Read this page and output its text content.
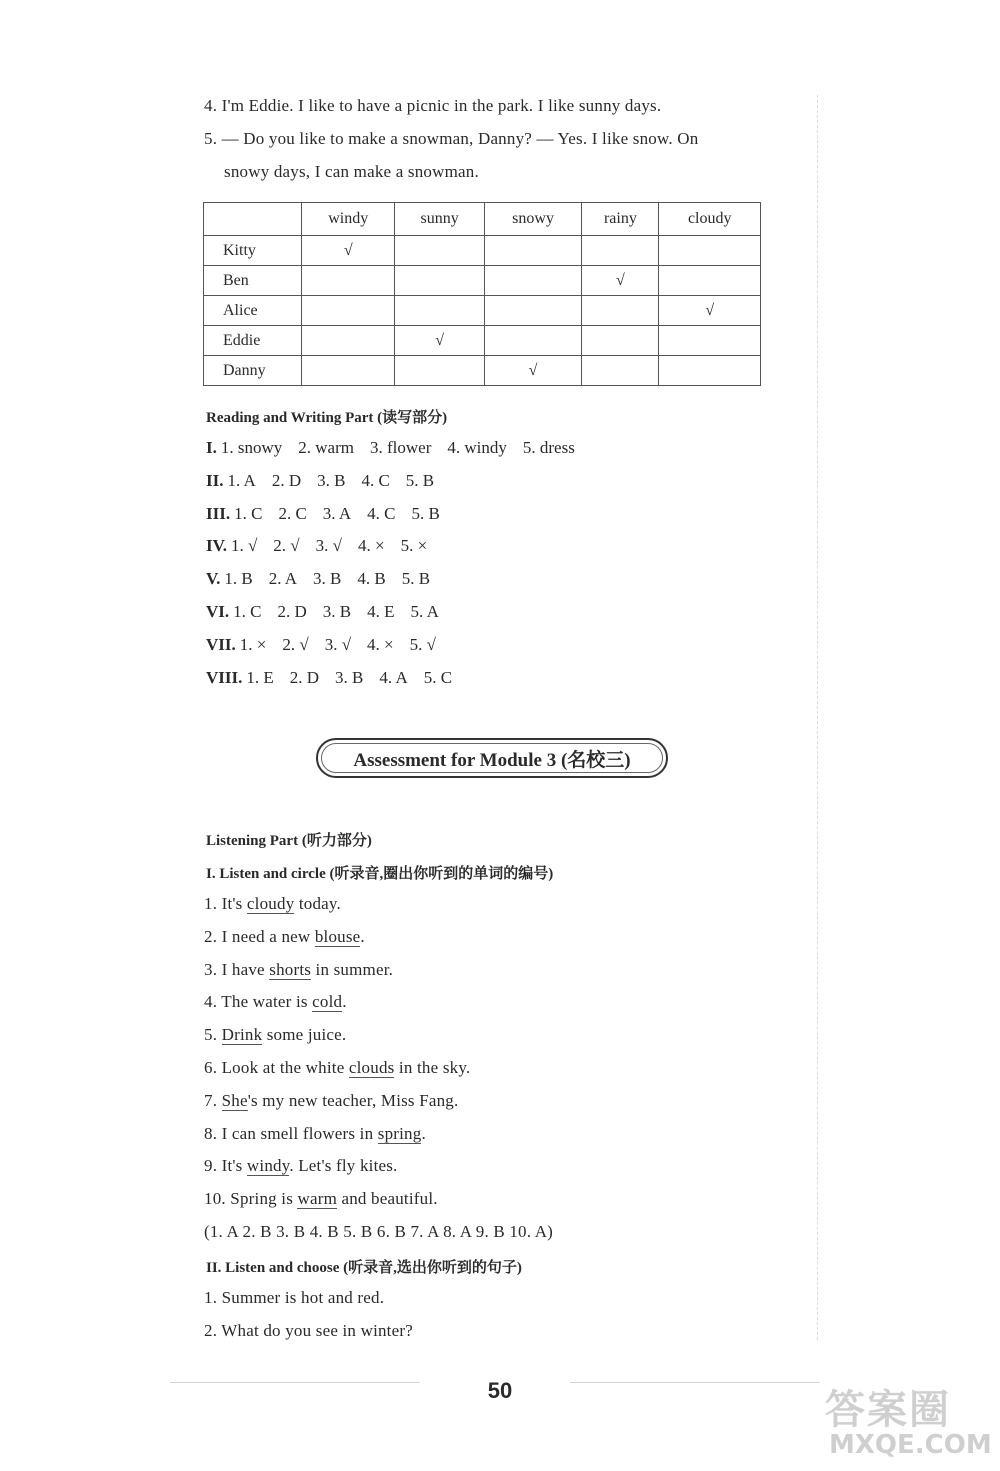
4. I'm Eddie. I like to have a picnic in the park. I like sunny days.
5. — Do you like to make a snowman, Danny? — Yes. I like snow. On
snowy days, I can make a snowman.
	windy	sunny	snowy	rainy	cloudy
Kitty	√				
Ben				√	
Alice					√
Eddie		√			
Danny			√		
Reading and Writing Part (读写部分)
I. 1. snowy 2. warm 3. flower 4. windy 5. dress
II. 1. A 2. D 3. B 4. C 5. B
III. 1. C 2. C 3. A 4. C 5. B
IV. 1. √ 2. √ 3. √ 4. × 5. ×
V. 1. B 2. A 3. B 4. B 5. B
VI. 1. C 2. D 3. B 4. E 5. A
VII. 1. × 2. √ 3. √ 4. × 5. √
VIII. 1. E 2. D 3. B 4. A 5. C
Assessment for Module 3 (名校三)
Listening Part (听力部分)
I. Listen and circle (听录音,圈出你听到的单词的编号)
1. It's cloudy today.
2. I need a new blouse.
3. I have shorts in summer.
4. The water is cold.
5. Drink some juice.
6. Look at the white clouds in the sky.
7. She's my new teacher, Miss Fang.
8. I can smell flowers in spring.
9. It's windy. Let's fly kites.
10. Spring is warm and beautiful.
(1. A 2. B 3. B 4. B 5. B 6. B 7. A 8. A 9. B 10. A)
II. Listen and choose (听录音,选出你听到的句子)
1. Summer is hot and red.
2. What do you see in winter?
50	答案圈
MXQE.COM
